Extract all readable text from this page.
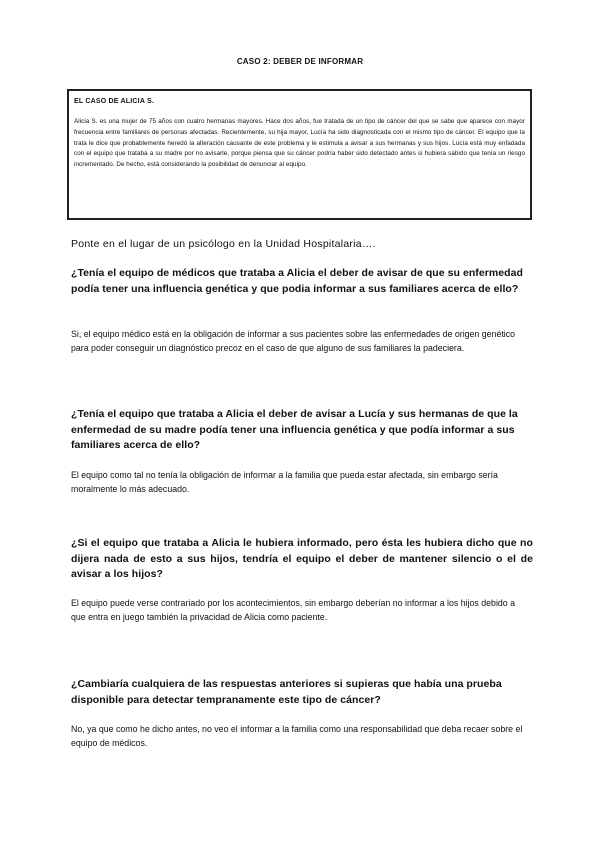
CASO 2: DEBER DE INFORMAR
EL CASO DE ALICIA S.
Alicia S. es una mujer de 75 años con cuatro hermanas mayores. Hace dos años, fue tratada de un tipo de cáncer del que se sabe que aparece con mayor frecuencia entre familiares de personas afectadas. Recientemente, su hija mayor, Lucía ha sido diagnosticada con el mismo tipo de cáncer. El equipo que la trata le dice que probablemente heredó la alteración causante de este problema y le estimula a avisar a sus hermanas y sus hijos. Lucía está muy enfadada con el equipo que trataba a su madre por no avisarle, porque piensa que su cáncer podría haber sido detectado antes si hubiera sabido que tenía un riesgo incrementado. De hecho, está considerando la posibilidad de denunciar al equipo.
Ponte en el lugar de un psicólogo en la Unidad Hospitalaria….
¿Tenía el equipo de médicos que trataba a Alicia el deber de avisar de que su enfermedad podía tener una influencia genética y que podia informar a sus familiares acerca de ello?
Si, el equipo médico está en la obligación de informar a sus pacientes sobre las enfermedades de origen genético para poder conseguir un diagnóstico precoz en el caso de que alguno de sus familiares la padeciera.
¿Tenía el equipo que trataba a Alicia el deber de avisar a Lucía y sus hermanas de que la enfermedad de su madre podía tener una influencia genética y que podía informar a sus familiares acerca de ello?
El equipo como tal no tenía la obligación de informar a la familia que pueda estar afectada, sin embargo sería moralmente lo más adecuado.
¿Si el equipo que trataba a Alicia le hubiera informado, pero ésta les hubiera dicho que no dijera nada de esto a sus hijos, tendría el equipo el deber de mantener silencio o el de avisar a los hijos?
El equipo puede verse contrariado por los acontecimientos, sin embargo deberían no informar a los hijos debido a que entra en juego también la privacidad de Alicia como paciente.
¿Cambiaría cualquiera de las respuestas anteriores si supieras que había una prueba disponible para detectar tempranamente este tipo de cáncer?
No, ya que como he dicho antes, no veo el informar a la familia como una responsabilidad que deba recaer sobre el equipo de médicos.
